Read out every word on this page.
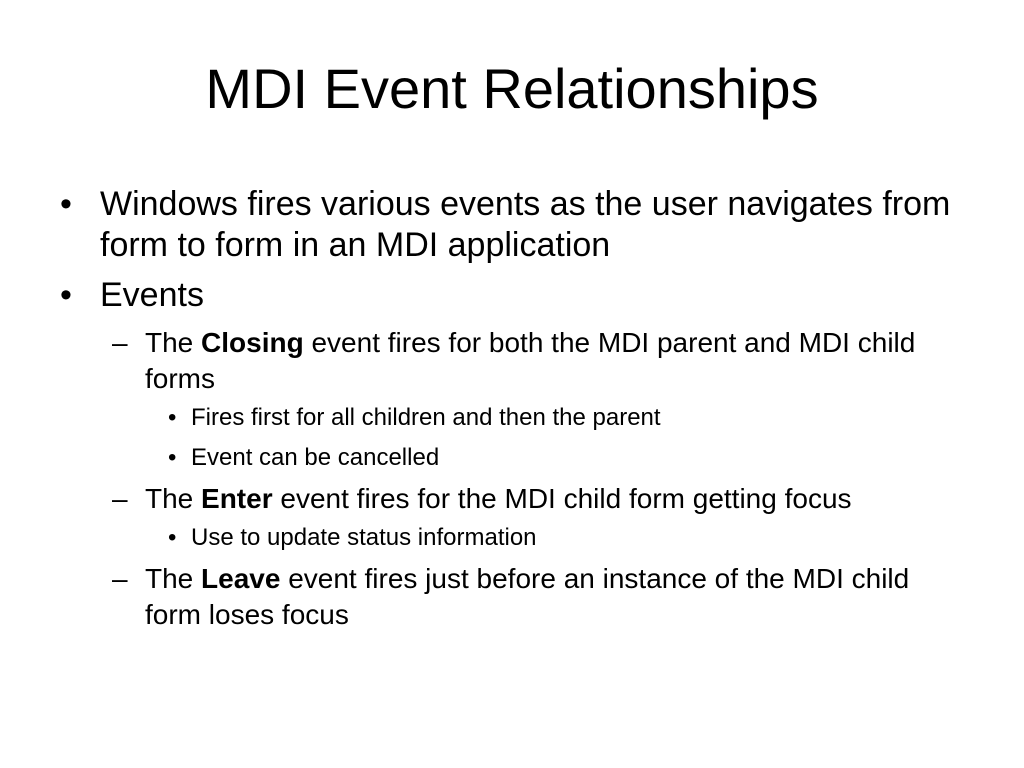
MDI Event Relationships
• Windows fires various events as the user navigates from form to form in an MDI application
• Events
– The Closing event fires for both the MDI parent and MDI child forms
• Fires first for all children and then the parent
• Event can be cancelled
– The Enter event fires for the MDI child form getting focus
• Use to update status information
– The Leave event fires just before an instance of the MDI child form loses focus
